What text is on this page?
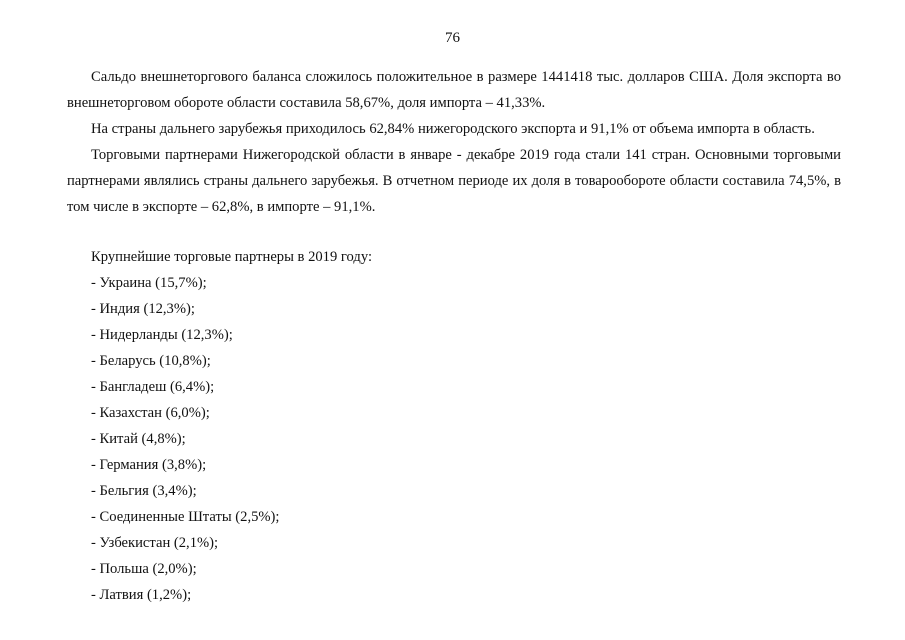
76

Сальдо внешнеторгового баланса сложилось положительное в размере 1441418 тыс. долларов США. Доля экспорта во внешнеторговом обороте области составила 58,67%, доля импорта – 41,33%.

На страны дальнего зарубежья приходилось 62,84% нижегородского экспорта и 91,1% от объема импорта в область.

Торговыми партнерами Нижегородской области в январе - декабре 2019 года стали 141 стран. Основными торговыми партнерами являлись страны дальнего зарубежья. В отчетном периоде их доля в товарообороте области составила 74,5%, в том числе в экспорте – 62,8%, в импорте – 91,1%.

Крупнейшие торговые партнеры в 2019 году:
- Украина (15,7%);
- Индия (12,3%);
- Нидерланды (12,3%);
- Беларусь (10,8%);
- Бангладеш (6,4%);
- Казахстан (6,0%);
- Китай (4,8%);
- Германия (3,8%);
- Бельгия (3,4%);
- Соединенные Штаты (2,5%);
- Узбекистан (2,1%);
- Польша (2,0%);
- Латвия (1,2%);
